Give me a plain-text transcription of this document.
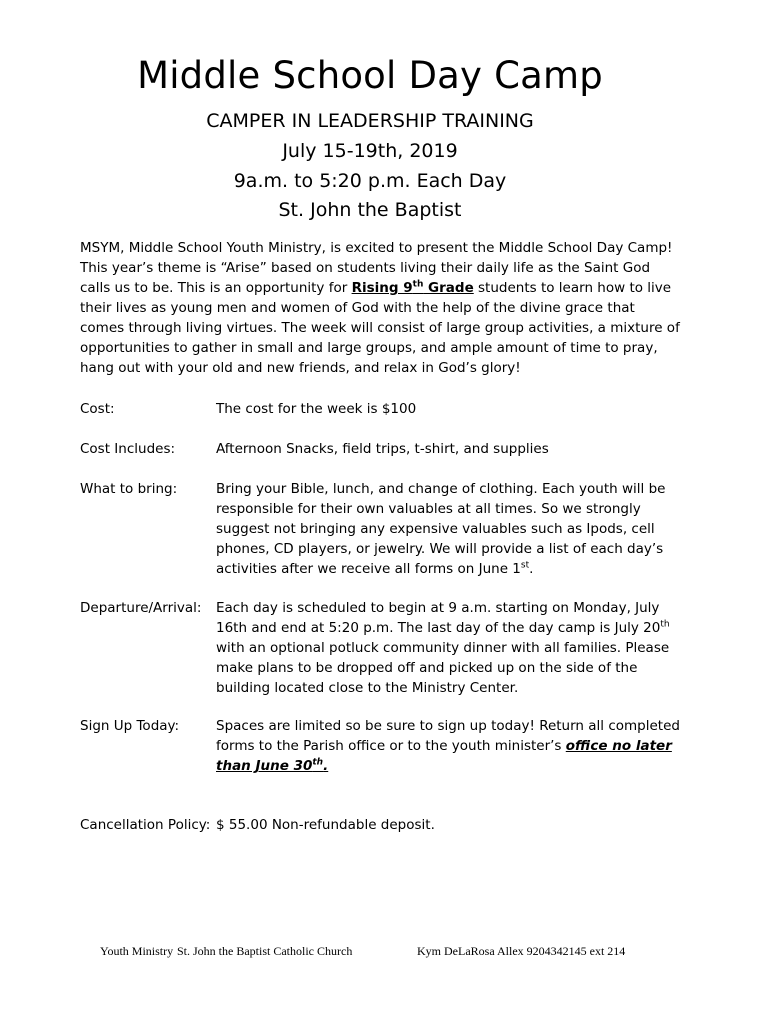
Middle School Day Camp
CAMPER IN LEADERSHIP TRAINING
July 15-19th, 2019
9a.m. to 5:20 p.m. Each Day
St. John the Baptist

MSYM, Middle School Youth Ministry, is excited to present the Middle School Day Camp! This year’s theme is “Arise” based on students living their daily life as the Saint God calls us to be. This is an opportunity for Rising 9th Grade students to learn how to live their lives as young men and women of God with the help of the divine grace that comes through living virtues. The week will consist of large group activities, a mixture of opportunities to gather in small and large groups, and ample amount of time to pray, hang out with your old and new friends, and relax in God’s glory!

Cost:	The cost for the week is $100
Cost Includes:	Afternoon Snacks, field trips, t-shirt, and supplies
What to bring:	Bring your Bible, lunch, and change of clothing. Each youth will be responsible for their own valuables at all times. So we strongly suggest not bringing any expensive valuables such as Ipods, cell phones, CD players, or jewelry. We will provide a list of each day’s activities after we receive all forms on June 1st.
Departure/Arrival: Each day is scheduled to begin at 9 a.m. starting on Monday, July 16th and end at 5:20 p.m. The last day of the day camp is July 20th with an optional potluck community dinner with all families. Please make plans to be dropped off and picked up on the side of the building located close to the Ministry Center.
Sign Up Today:	Spaces are limited so be sure to sign up today! Return all completed forms to the Parish office or to the youth minister’s office no later than June 30th.
Cancellation Policy: $ 55.00 Non-refundable deposit.
Youth Ministry St. John the Baptist Catholic Church	Kym DeLaRosa Allex 9204342145 ext 214
